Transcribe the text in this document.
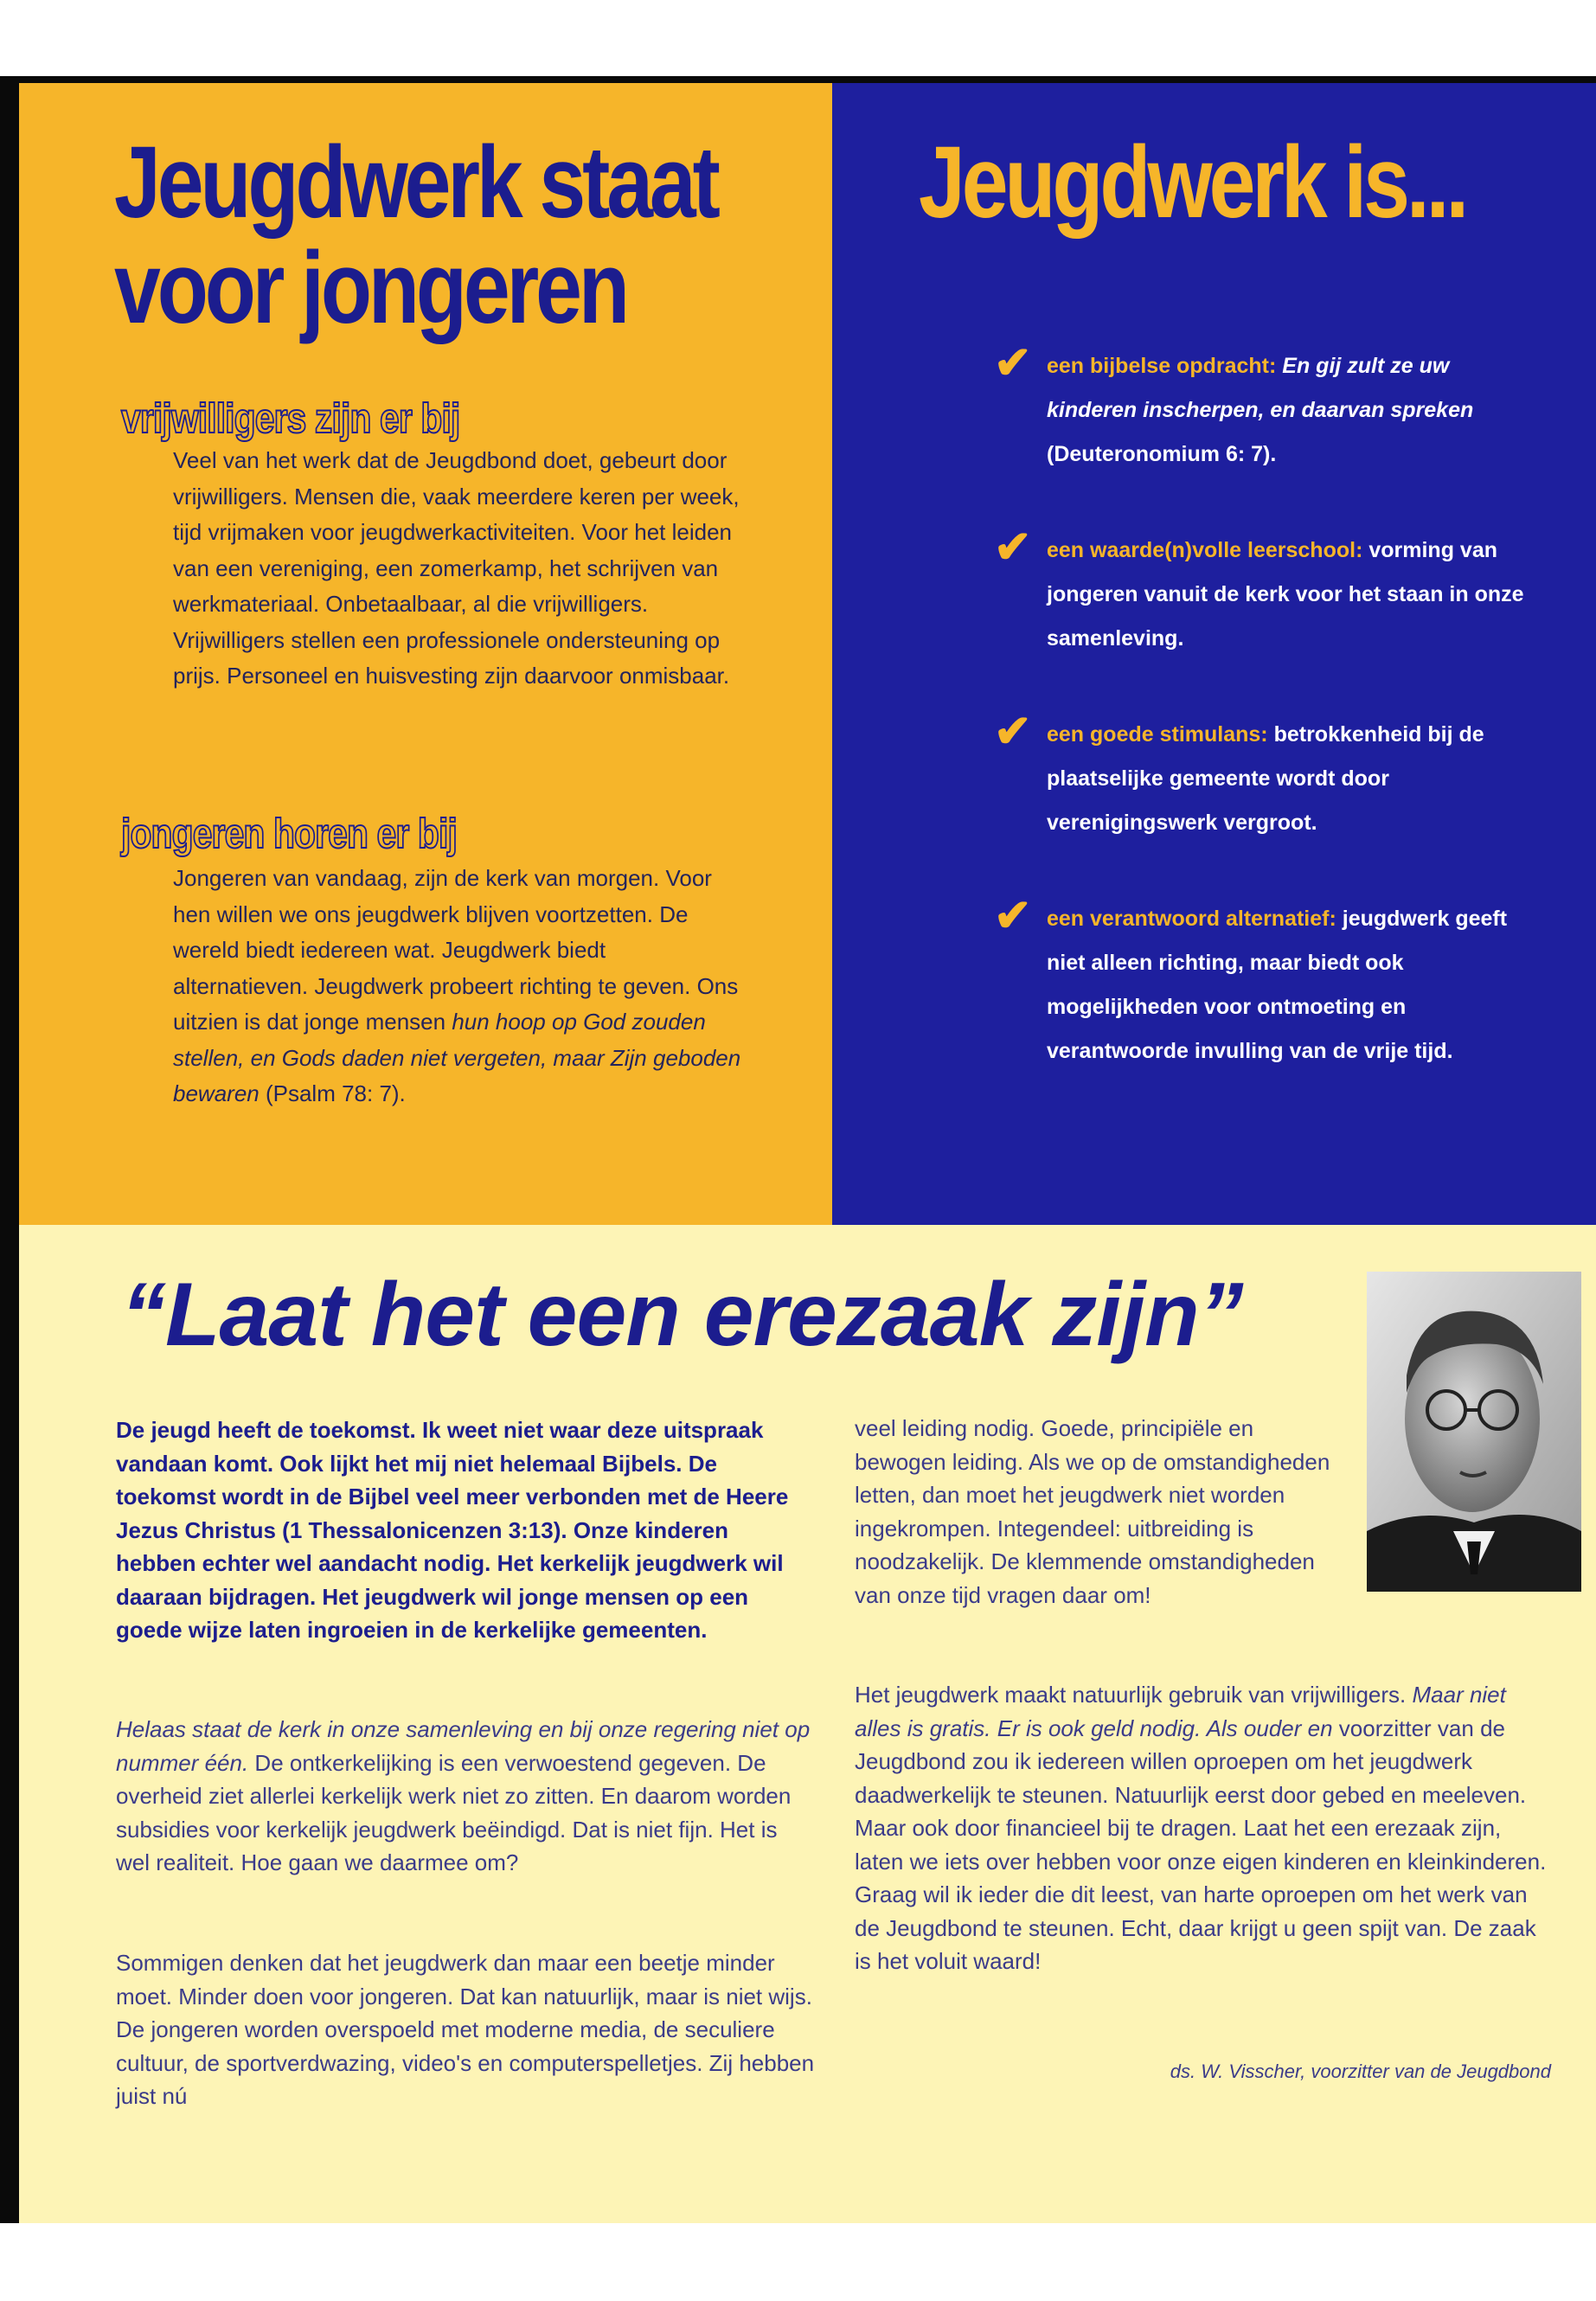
Jeugdwerk staat
voor jongeren
vrijwilligers zijn er bij

Veel van het werk dat de Jeugdbond doet, gebeurt door vrijwilligers. Mensen die, vaak meerdere keren per week, tijd vrijmaken voor jeugdwerkactiviteiten. Voor het leiden van een vereniging, een zomerkamp, het schrijven van werkmateriaal. Onbetaalbaar, al die vrijwilligers. Vrijwilligers stellen een professionele ondersteuning op prijs. Personeel en huisvesting zijn daarvoor onmisbaar.

jongeren horen er bij

Jongeren van vandaag, zijn de kerk van morgen. Voor hen willen we ons jeugdwerk blijven voortzetten. De wereld biedt iedereen wat. Jeugdwerk biedt alternatieven. Jeugdwerk probeert richting te geven. Ons uitzien is dat jonge mensen hun hoop op God zouden stellen, en Gods daden niet vergeten, maar Zijn geboden bewaren (Psalm 78: 7).

Jeugdwerk is...
✔ een bijbelse opdracht: En gij zult ze uw kinderen inscherpen, en daarvan spreken (Deuteronomium 6: 7).
✔ een waarde(n)volle leerschool: vorming van jongeren vanuit de kerk voor het staan in onze samenleving.
✔ een goede stimulans: betrokkenheid bij de plaatselijke gemeente wordt door verenigingswerk vergroot.
✔ een verantwoord alternatief: jeugdwerk geeft niet alleen richting, maar biedt ook mogelijkheden voor ontmoeting en verantwoorde invulling van de vrije tijd.
“Laat het een erezaak zijn”

De jeugd heeft de toekomst. Ik weet niet waar deze uitspraak vandaan komt. Ook lijkt het mij niet helemaal Bijbels. De toekomst wordt in de Bijbel veel meer verbonden met de Heere Jezus Christus (1 Thessalonicenzen 3:13). Onze kinderen hebben echter wel aandacht nodig. Het kerkelijk jeugdwerk wil daaraan bijdragen. Het jeugdwerk wil jonge mensen op een goede wijze laten ingroeien in de kerkelijke gemeenten.

Helaas staat de kerk in onze samenleving en bij onze regering niet op nummer één. De ontkerkelijking is een verwoestend gegeven. De overheid ziet allerlei kerkelijk werk niet zo zitten. En daarom worden subsidies voor kerkelijk jeugdwerk beëindigd. Dat is niet fijn. Het is wel realiteit. Hoe gaan we daarmee om?

Sommigen denken dat het jeugdwerk dan maar een beetje minder moet. Minder doen voor jongeren. Dat kan natuurlijk, maar is niet wijs. De jongeren worden overspoeld met moderne media, de seculiere cultuur, de sportverdwazing, video's en computerspelletjes. Zij hebben juist nú

veel leiding nodig. Goede, principiële en bewogen leiding. Als we op de omstandigheden letten, dan moet het jeugdwerk niet worden ingekrompen. Integendeel: uitbreiding is noodzakelijk. De klemmende omstandigheden van onze tijd vragen daar om!

Het jeugdwerk maakt natuurlijk gebruik van vrijwilligers. Maar niet alles is gratis. Er is ook geld nodig. Als ouder en voorzitter van de Jeugdbond zou ik iedereen willen oproepen om het jeugdwerk daadwerkelijk te steunen. Natuurlijk eerst door gebed en meeleven. Maar ook door financieel bij te dragen. Laat het een erezaak zijn, laten we iets over hebben voor onze eigen kinderen en kleinkinderen. Graag wil ik ieder die dit leest, van harte oproepen om het werk van de Jeugdbond te steunen. Echt, daar krijgt u geen spijt van. De zaak is het voluit waard!

ds. W. Visscher, voorzitter van de Jeugdbond
